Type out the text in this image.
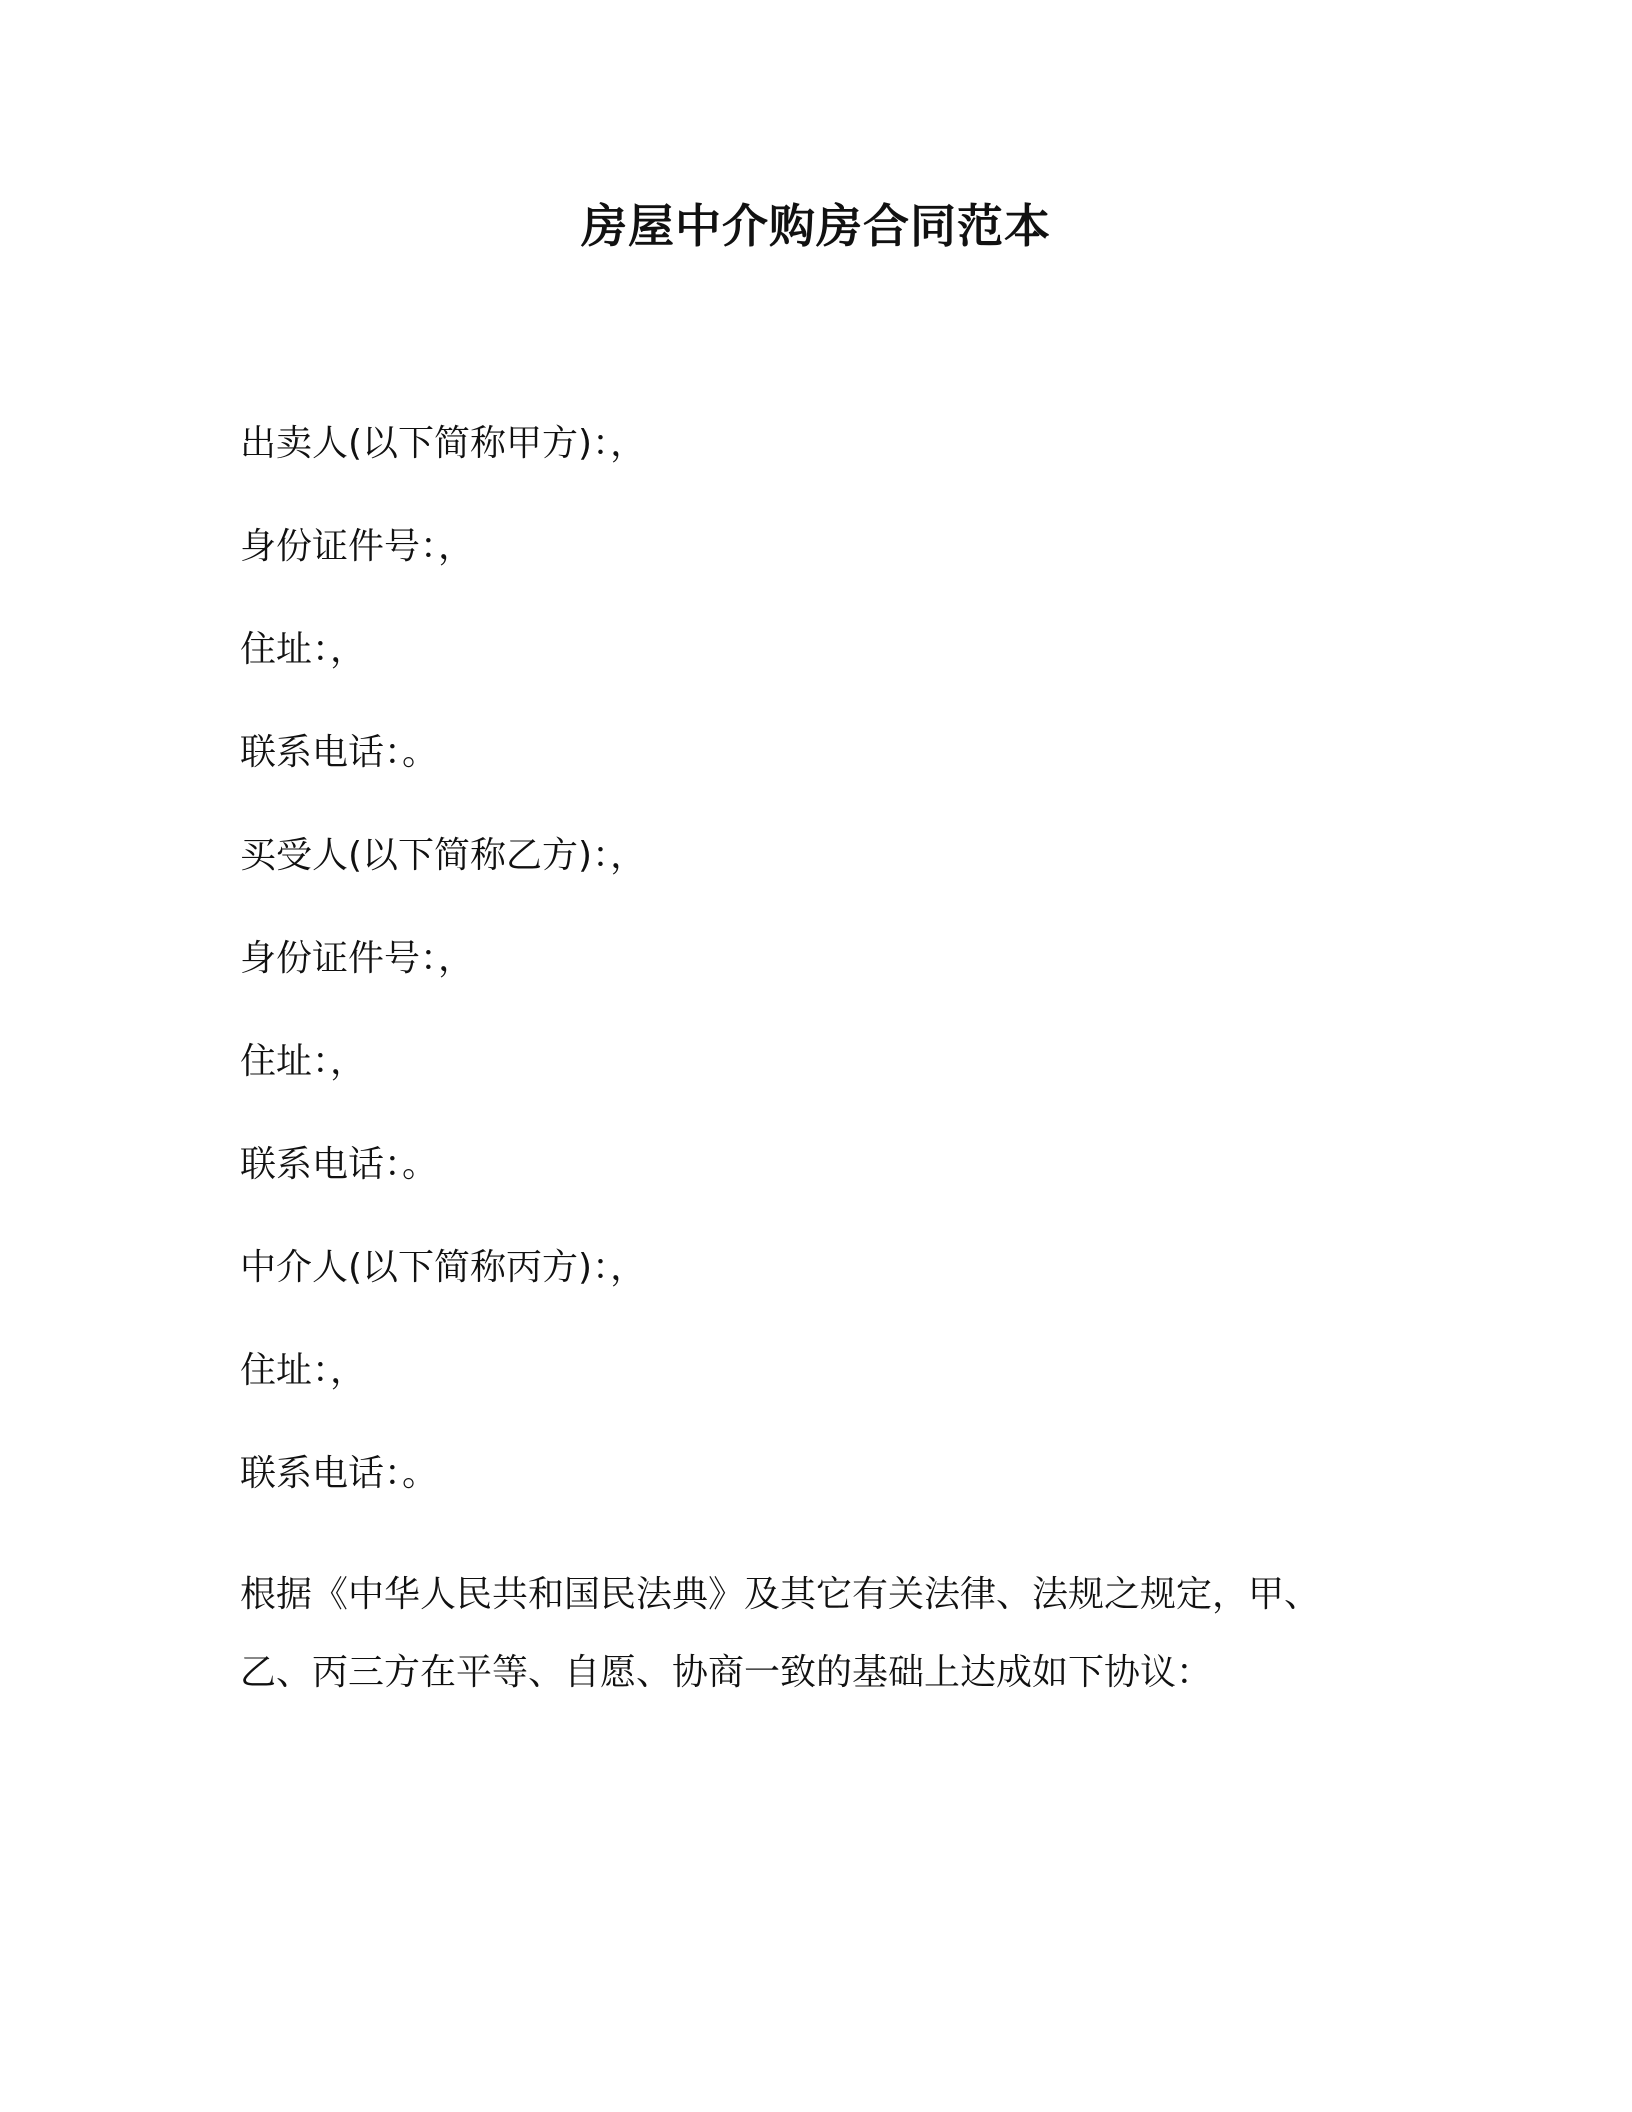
房屋中介购房合同范本

出卖人(以下简称甲方)：，

身份证件号：，

住址：，

联系电话：。

买受人(以下简称乙方)：，

身份证件号：，

住址：，

联系电话：。

中介人(以下简称丙方)：，

住址：，

联系电话：。

根据《中华人民共和国民法典》及其它有关法律、法规之规定，甲、
乙、丙三方在平等、自愿、协商一致的基础上达成如下协议：
